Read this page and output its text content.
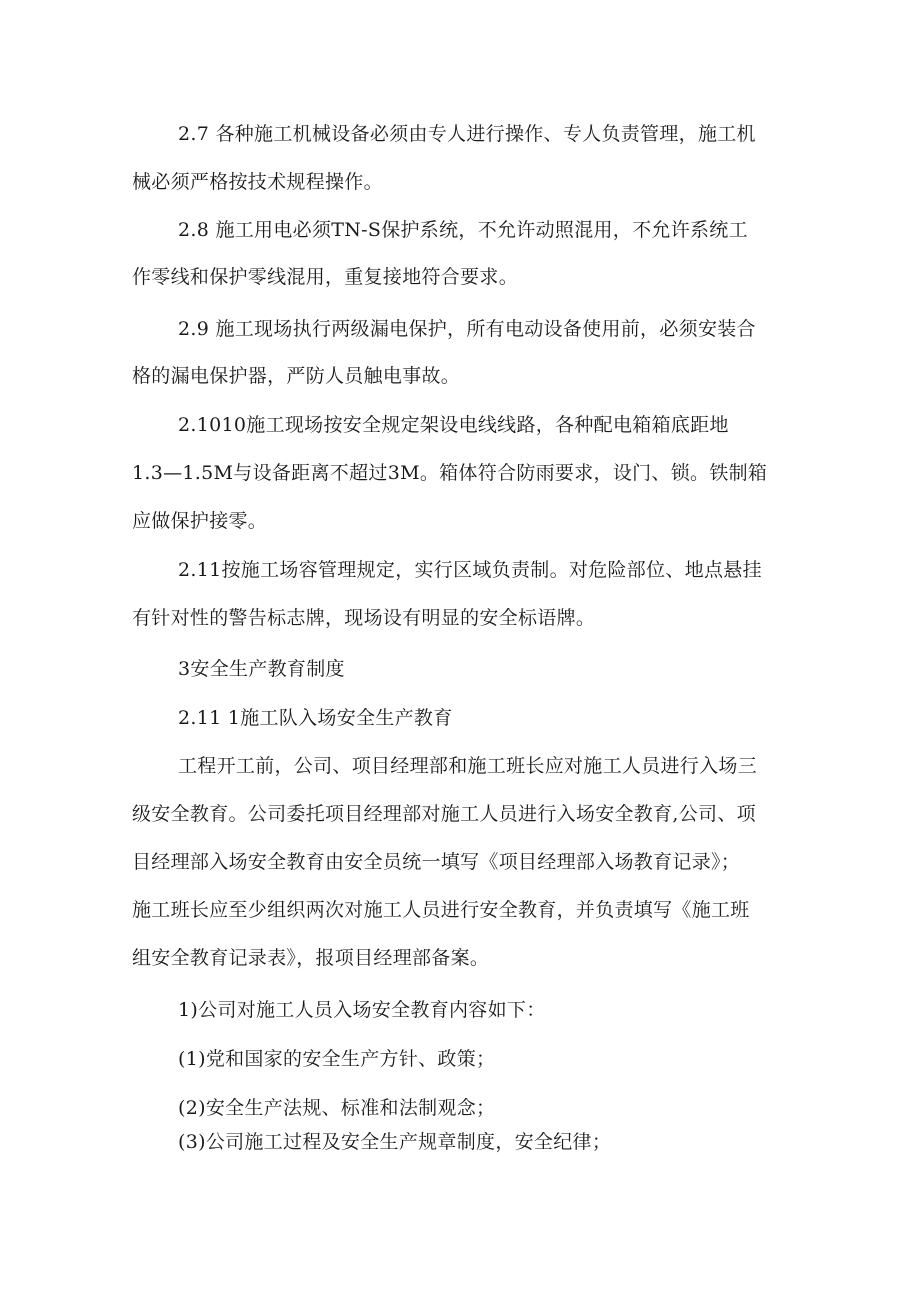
2.7 各种施工机械设备必须由专人进行操作、专人负责管理，施工机
械必须严格按技术规程操作。
2.8 施工用电必须TN-S保护系统，不允许动照混用，不允许系统工
作零线和保护零线混用，重复接地符合要求。
2.9 施工现场执行两级漏电保护，所有电动设备使用前，必须安装合
格的漏电保护器，严防人员触电事故。
2.1010施工现场按安全规定架设电线线路，各种配电箱箱底距地
1.3—1.5M与设备距离不超过3M。箱体符合防雨要求，设门、锁。铁制箱
应做保护接零。
2.11按施工场容管理规定，实行区域负责制。对危险部位、地点悬挂
有针对性的警告标志牌，现场设有明显的安全标语牌。
3安全生产教育制度
2.11 1施工队入场安全生产教育
工程开工前，公司、项目经理部和施工班长应对施工人员进行入场三
级安全教育。公司委托项目经理部对施工人员进行入场安全教育,公司、项
目经理部入场安全教育由安全员统一填写《项目经理部入场教育记录》；
施工班长应至少组织两次对施工人员进行安全教育，并负责填写《施工班
组安全教育记录表》，报项目经理部备案。
1)公司对施工人员入场安全教育内容如下：
(1)党和国家的安全生产方针、政策；
(2)安全生产法规、标准和法制观念；
(3)公司施工过程及安全生产规章制度，安全纪律；
